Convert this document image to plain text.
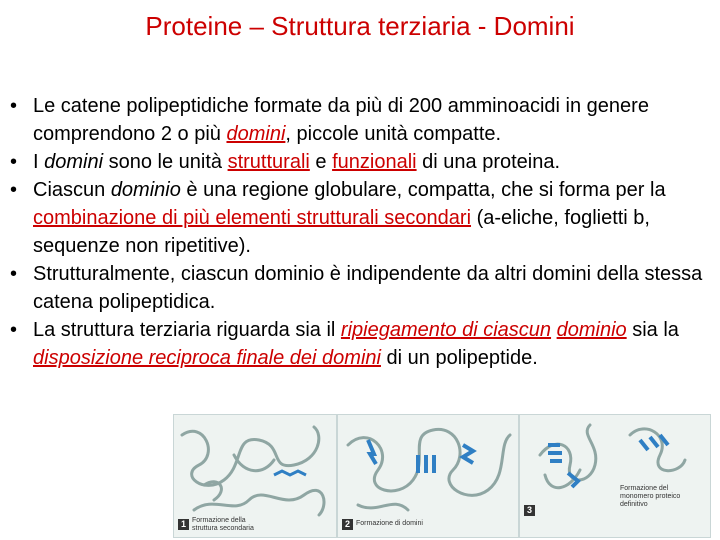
Proteine – Struttura terziaria - Domini
• Le catene polipeptidiche formate da più di 200 amminoacidi in genere comprendono 2 o più domini, piccole unità compatte.
• I domini sono le unità strutturali e funzionali di una proteina.
• Ciascun dominio è una regione globulare, compatta, che si forma per la combinazione di più elementi strutturali secondari (a-eliche, foglietti b, sequenze non ripetitive).
• Strutturalmente, ciascun dominio è indipendente da altri domini della stessa catena polipeptidica.
• La struttura terziaria riguarda sia il ripiegamento di ciascun dominio sia la disposizione reciproca finale dei domini di un polipeptide.
1 Formazione della struttura secondaria	2 Formazione di domini
3
Formazione del monomero proteico definitivo
